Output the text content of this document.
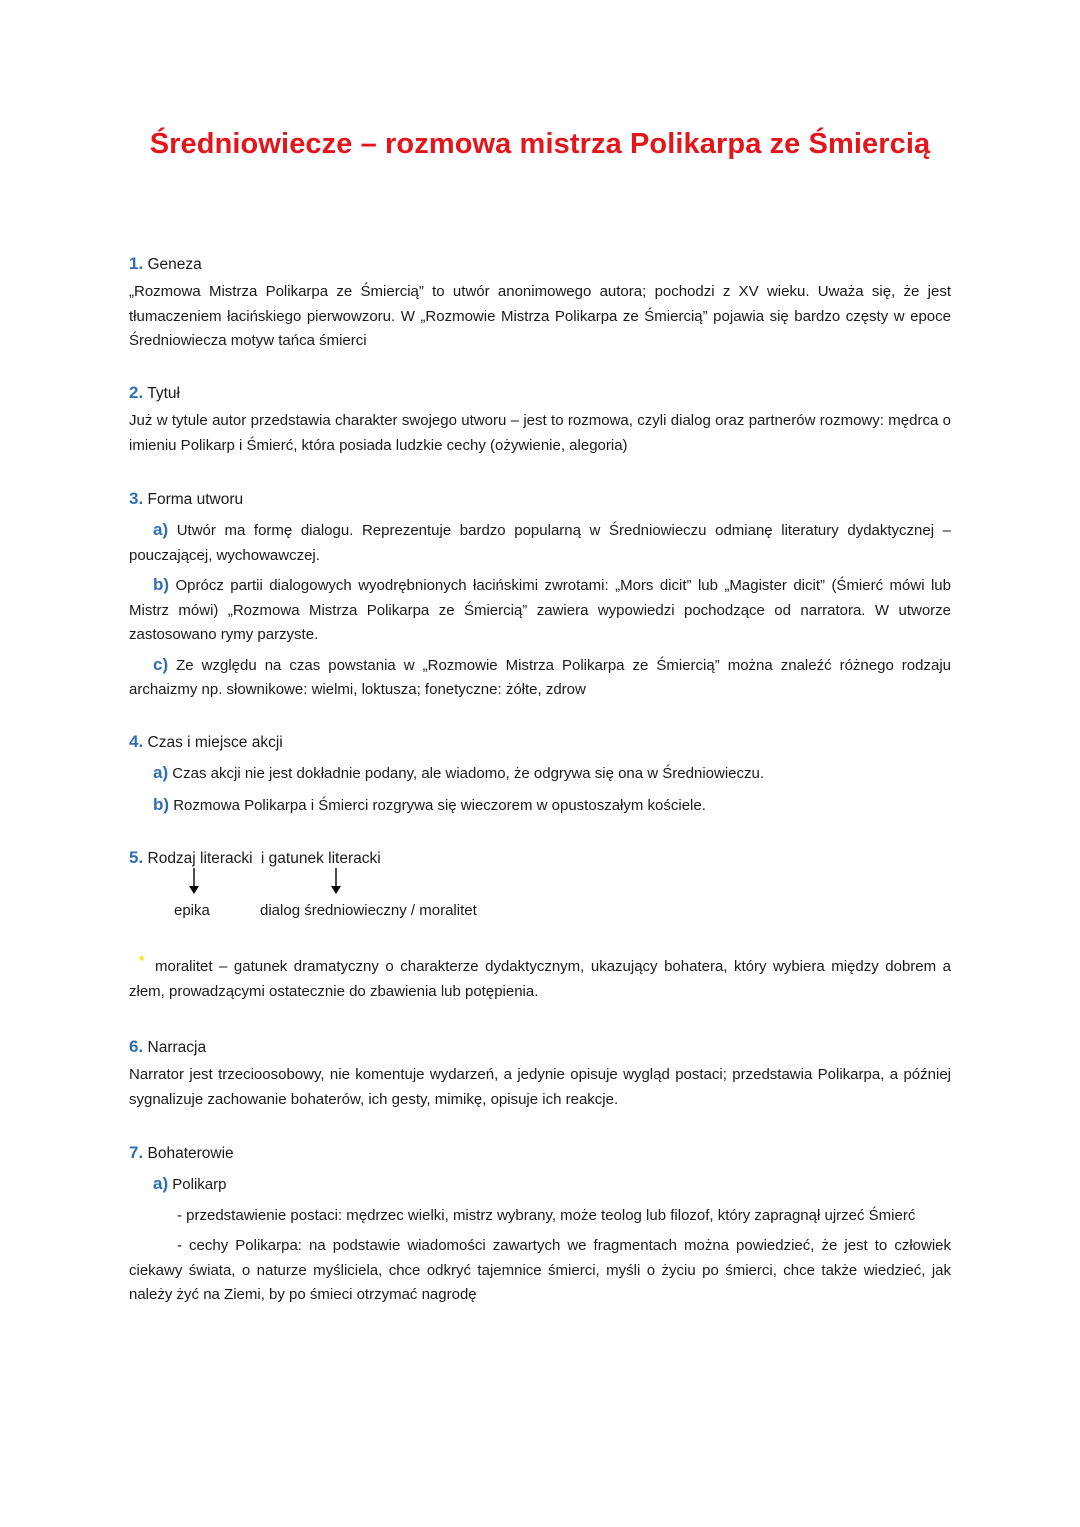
Średniowiecze – rozmowa mistrza Polikarpa ze Śmiercią
1. Geneza

„Rozmowa Mistrza Polikarpa ze Śmiercią” to utwór anonimowego autora; pochodzi z XV wieku. Uważa się, że jest tłumaczeniem łacińskiego pierwowzoru. W „Rozmowie Mistrza Polikarpa ze Śmiercią” pojawia się bardzo częsty w epoce Średniowiecza motyw tańca śmierci

2. Tytuł

Już w tytule autor przedstawia charakter swojego utworu – jest to rozmowa, czyli dialog oraz partnerów rozmowy: mędrca o imieniu Polikarp i Śmierć, która posiada ludzkie cechy (ożywienie, alegoria)

3. Forma utworu

a) Utwór ma formę dialogu. Reprezentuje bardzo popularną w Średniowieczu odmianę literatury dydaktycznej – pouczającej, wychowawczej.

b) Oprócz partii dialogowych wyodrębnionych łacińskimi zwrotami: „Mors dicit” lub „Magister dicit” (Śmierć mówi lub Mistrz mówi) „Rozmowa Mistrza Polikarpa ze Śmiercią” zawiera wypowiedzi pochodzące od narratora. W utworze zastosowano rymy parzyste.

c) Ze względu na czas powstania w „Rozmowie Mistrza Polikarpa ze Śmiercią” można znaleźć różnego rodzaju archaizmy np. słownikowe: wielmi, loktusza; fonetyczne: żółte, zdrow

4. Czas i miejsce akcji

a) Czas akcji nie jest dokładnie podany, ale wiadomo, że odgrywa się ona w Średniowieczu.

b) Rozmowa Polikarpa i Śmierci rozgrywa się wieczorem w opustoszałym kościele.

5. Rodzaj literacki i gatunek literacki
epika	dialog średniowieczny / moralitet
* moralitet – gatunek dramatyczny o charakterze dydaktycznym, ukazujący bohatera, który wybiera między dobrem a złem, prowadzącymi ostatecznie do zbawienia lub potępienia.

6. Narracja

Narrator jest trzecioosobowy, nie komentuje wydarzeń, a jedynie opisuje wygląd postaci; przedstawia Polikarpa, a później sygnalizuje zachowanie bohaterów, ich gesty, mimikę, opisuje ich reakcje.

7. Bohaterowie

a) Polikarp

- przedstawienie postaci: mędrzec wielki, mistrz wybrany, może teolog lub filozof, który zapragnął ujrzeć Śmierć

- cechy Polikarpa: na podstawie wiadomości zawartych we fragmentach można powiedzieć, że jest to człowiek ciekawy świata, o naturze myśliciela, chce odkryć tajemnice śmierci, myśli o życiu po śmierci, chce także wiedzieć, jak należy żyć na Ziemi, by po śmieci otrzymać nagrodę
